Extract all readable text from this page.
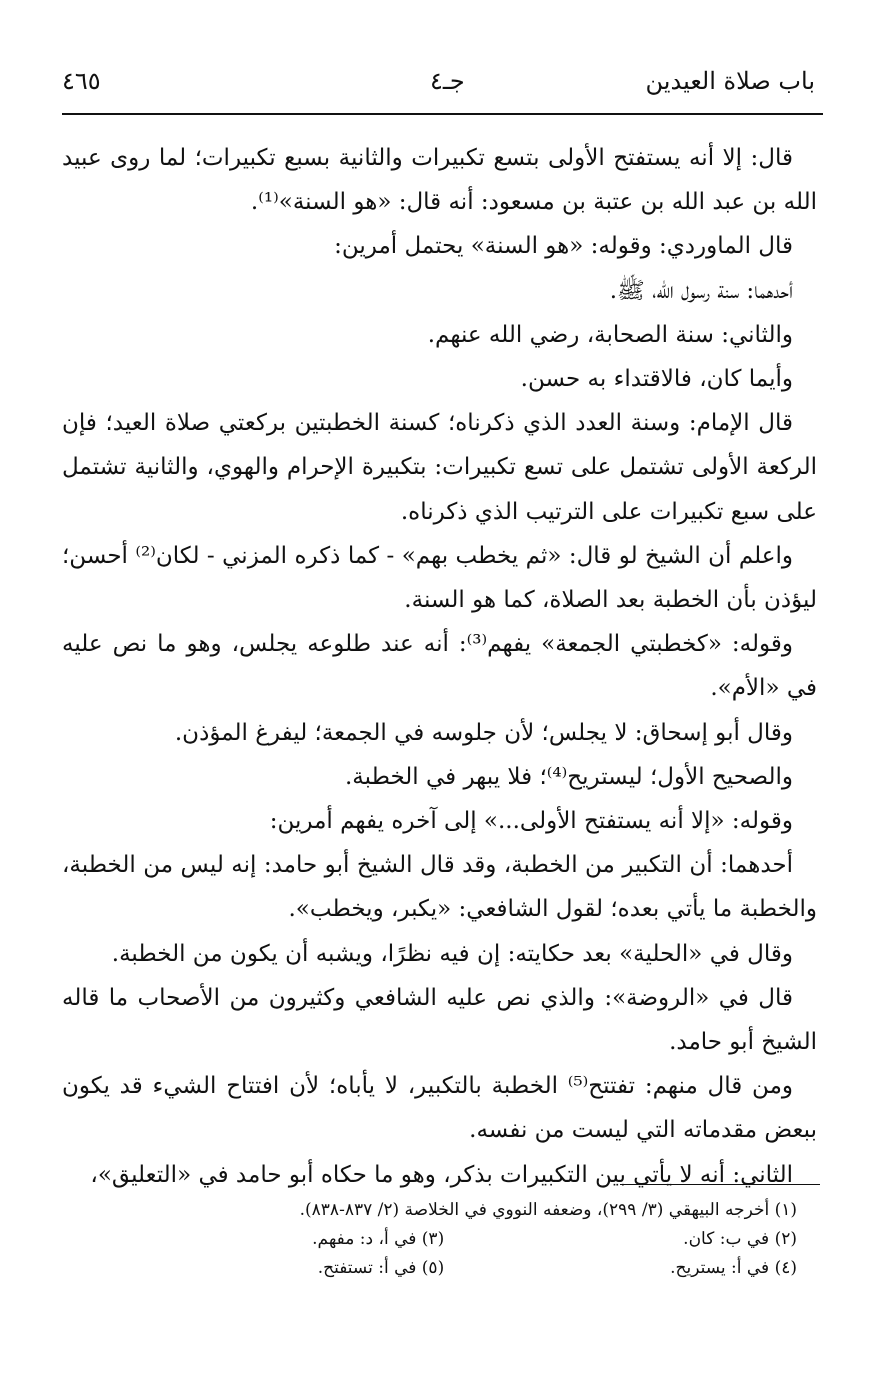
باب صلاة العيدين
جـ٤
٤٦٥

قال: إلا أنه يستفتح الأولى بتسع تكبيرات والثانية بسبع تكبيرات؛ لما روى عبيد الله بن عبد الله بن عتبة بن مسعود: أنه قال: «هو السنة»⁽¹⁾.

قال الماوردي: وقوله: «هو السنة» يحتمل أمرين:

أحدهما: سنة رسول الله، ﷺ.

والثاني: سنة الصحابة، رضي الله عنهم.

وأيما كان، فالاقتداء به حسن.

قال الإمام: وسنة العدد الذي ذكرناه؛ كسنة الخطبتين بركعتي صلاة العيد؛ فإن الركعة الأولى تشتمل على تسع تكبيرات: بتكبيرة الإحرام والهوي، والثانية تشتمل على سبع تكبيرات على الترتيب الذي ذكرناه.

واعلم أن الشيخ لو قال: «ثم يخطب بهم» - كما ذكره المزني - لكان⁽²⁾ أحسن؛ ليؤذن بأن الخطبة بعد الصلاة، كما هو السنة.

وقوله: «كخطبتي الجمعة» يفهم⁽³⁾: أنه عند طلوعه يجلس، وهو ما نص عليه في «الأم».

وقال أبو إسحاق: لا يجلس؛ لأن جلوسه في الجمعة؛ ليفرغ المؤذن.

والصحيح الأول؛ ليستريح⁽⁴⁾؛ فلا يبهر في الخطبة.

وقوله: «إلا أنه يستفتح الأولى...» إلى آخره يفهم أمرين:

أحدهما: أن التكبير من الخطبة، وقد قال الشيخ أبو حامد: إنه ليس من الخطبة، والخطبة ما يأتي بعده؛ لقول الشافعي: «يكبر، ويخطب».

وقال في «الحلية» بعد حكايته: إن فيه نظرًا، ويشبه أن يكون من الخطبة.

قال في «الروضة»: والذي نص عليه الشافعي وكثيرون من الأصحاب ما قاله الشيخ أبو حامد.

ومن قال منهم: تفتتح⁽⁵⁾ الخطبة بالتكبير، لا يأباه؛ لأن افتتاح الشيء قد يكون ببعض مقدماته التي ليست من نفسه.

الثاني: أنه لا يأتي بين التكبيرات بذكر، وهو ما حكاه أبو حامد في «التعليق»،

(١) أخرجه البيهقي (٣/ ٢٩٩)، وضعفه النووي في الخلاصة (٢/ ٨٣٧-٨٣٨).
(٢) في ب: كان.
(٣) في أ، د: مفهم.
(٤) في أ: يستريح.
(٥) في أ: تستفتح.
